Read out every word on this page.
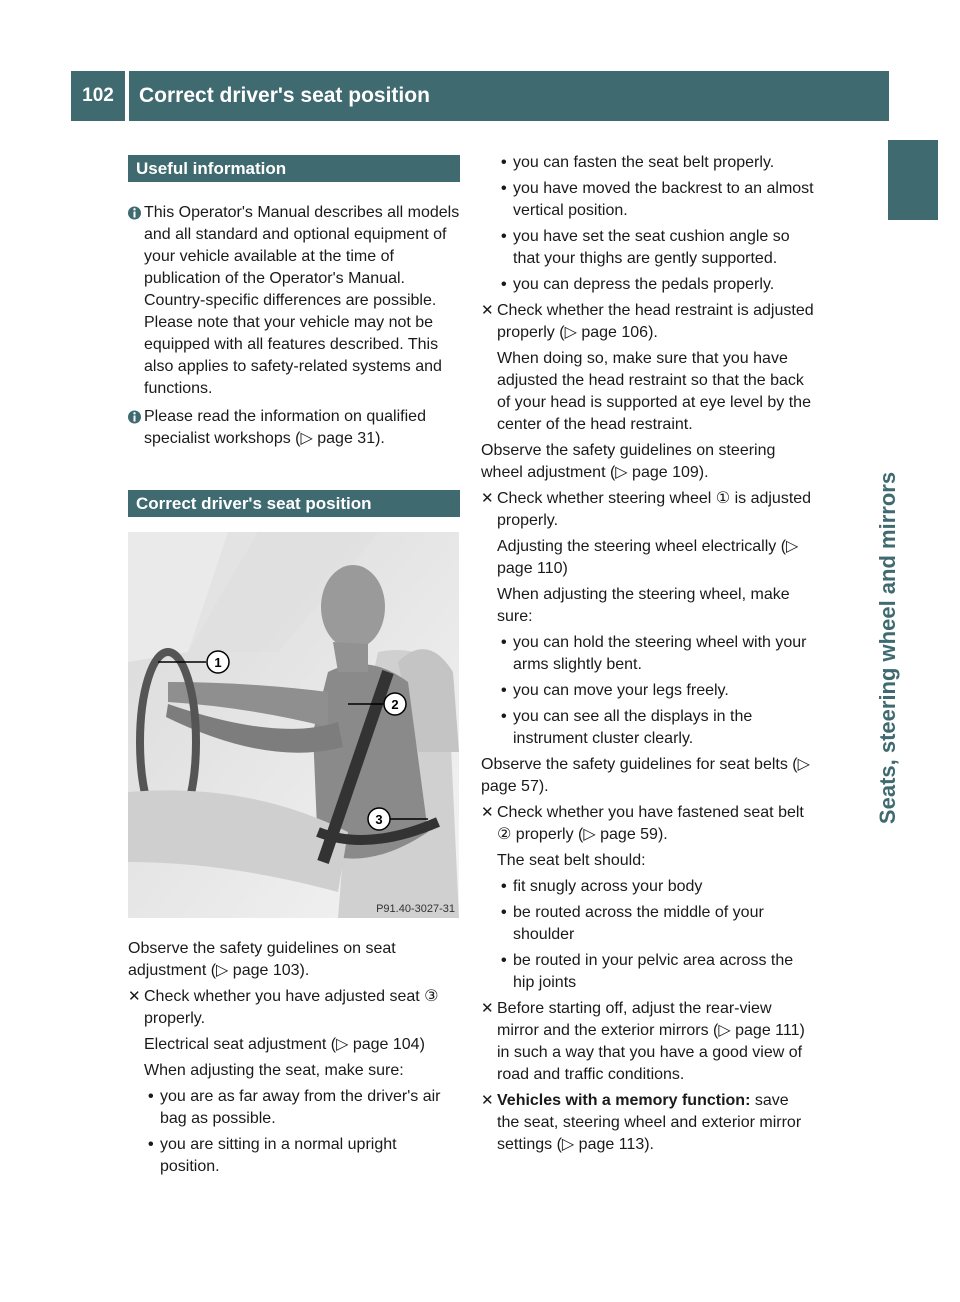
102	Correct driver's seat position
Seats, steering wheel and mirrors
Useful information
This Operator's Manual describes all models and all standard and optional equipment of your vehicle available at the time of publication of the Operator's Manual. Country-specific differences are possible. Please note that your vehicle may not be equipped with all features described. This also applies to safety-related systems and functions.
Please read the information on qualified specialist workshops (▷ page 31).
Correct driver's seat position
1
2
3
P91.40-3027-31

Observe the safety guidelines on seat adjustment (▷ page 103).

✕ Check whether you have adjusted seat ③ properly.
Electrical seat adjustment (▷ page 104)
When adjusting the seat, make sure:
• you are as far away from the driver's air bag as possible.
• you are sitting in a normal upright position.
• you can fasten the seat belt properly.
• you have moved the backrest to an almost vertical position.
• you have set the seat cushion angle so that your thighs are gently supported.
• you can depress the pedals properly.
✕ Check whether the head restraint is adjusted properly (▷ page 106).
When doing so, make sure that you have adjusted the head restraint so that the back of your head is supported at eye level by the center of the head restraint.

Observe the safety guidelines on steering wheel adjustment (▷ page 109).

✕ Check whether steering wheel ① is adjusted properly.
Adjusting the steering wheel electrically (▷ page 110)
When adjusting the steering wheel, make sure:
• you can hold the steering wheel with your arms slightly bent.
• you can move your legs freely.
• you can see all the displays in the instrument cluster clearly.

Observe the safety guidelines for seat belts (▷ page 57).

✕ Check whether you have fastened seat belt ② properly (▷ page 59).
The seat belt should:
• fit snugly across your body
• be routed across the middle of your shoulder
• be routed in your pelvic area across the hip joints
✕ Before starting off, adjust the rear-view mirror and the exterior mirrors (▷ page 111) in such a way that you have a good view of road and traffic conditions.
✕ Vehicles with a memory function: save the seat, steering wheel and exterior mirror settings (▷ page 113).
